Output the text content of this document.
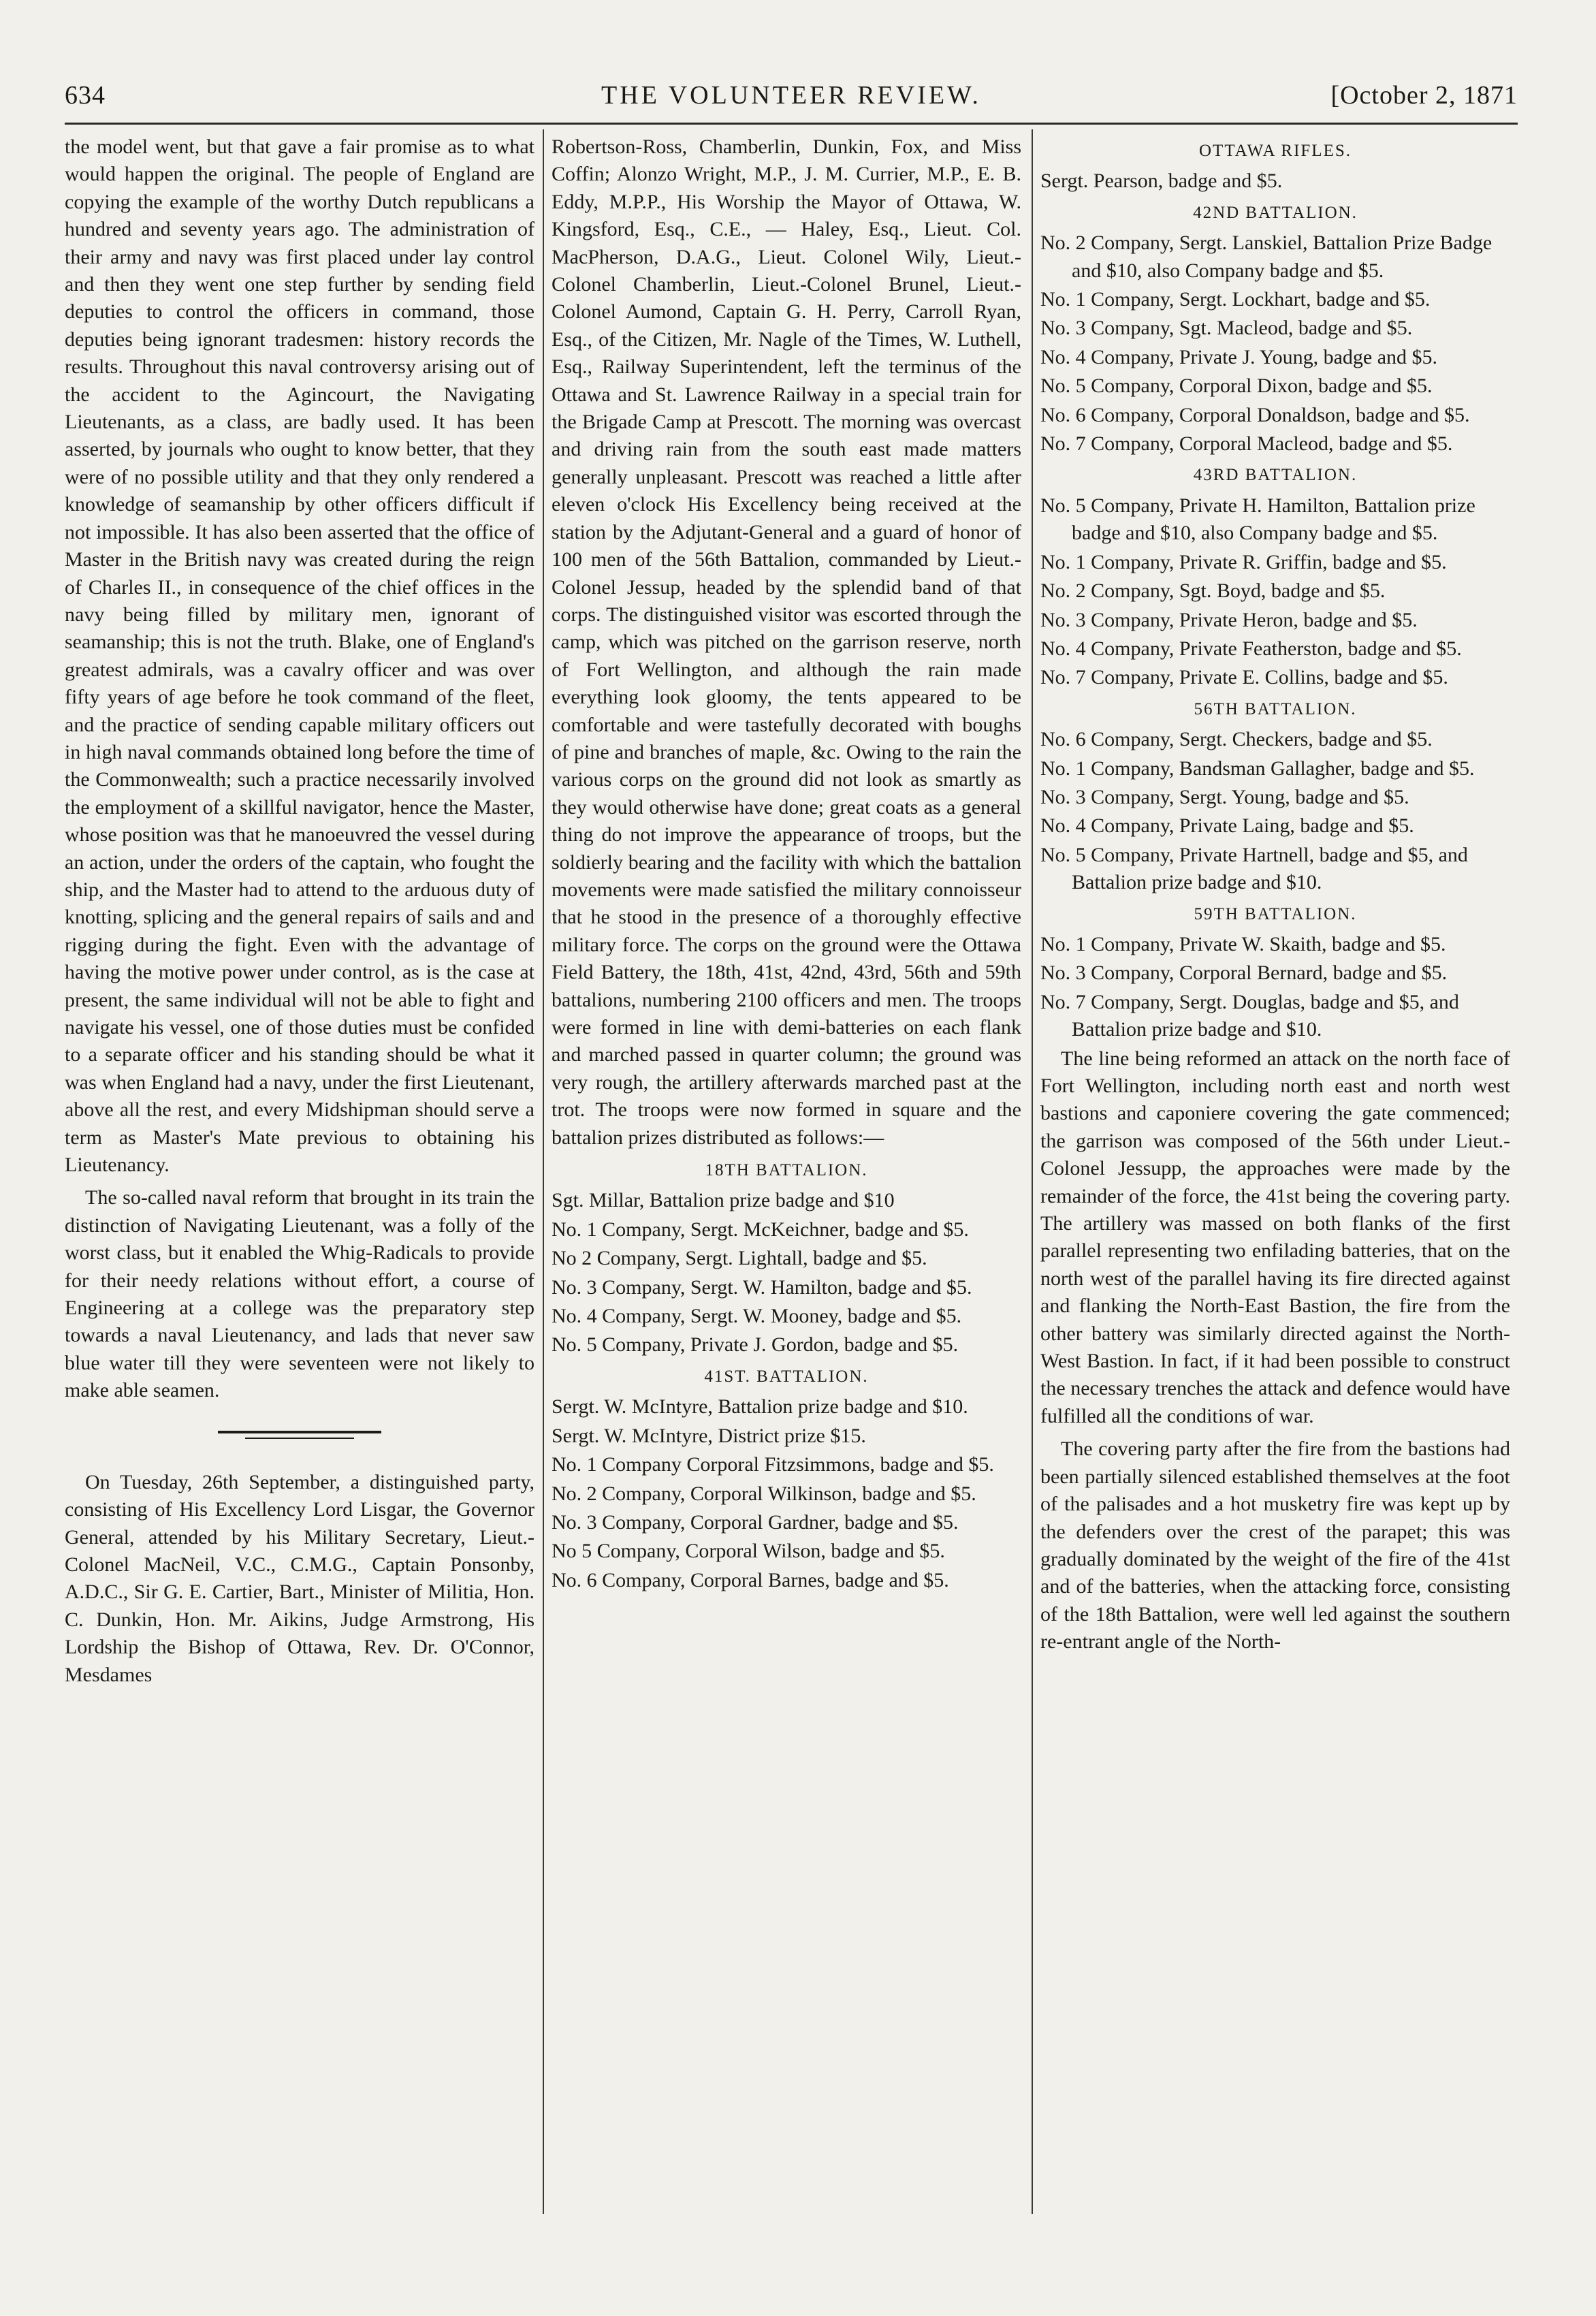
634	THE VOLUNTEER REVIEW.	[October 2, 1871

the model went, but that gave a fair promise as to what would happen the original. The people of England are copying the example of the worthy Dutch republicans a hundred and seventy years ago. The administration of their army and navy was first placed under lay control and then they went one step further by sending field deputies to control the officers in command, those deputies being ignorant tradesmen: history records the results. Throughout this naval controversy arising out of the accident to the Agincourt, the Navigating Lieutenants, as a class, are badly used. It has been asserted, by journals who ought to know better, that they were of no possible utility and that they only rendered a knowledge of seamanship by other officers difficult if not impossible. It has also been asserted that the office of Master in the British navy was created during the reign of Charles II., in consequence of the chief offices in the navy being filled by military men, ignorant of seamanship; this is not the truth. Blake, one of England's greatest admirals, was a cavalry officer and was over fifty years of age before he took command of the fleet, and the practice of sending capable military officers out in high naval commands obtained long before the time of the Commonwealth; such a practice necessarily involved the employment of a skillful navigator, hence the Master, whose position was that he manoeuvred the vessel during an action, under the orders of the captain, who fought the ship, and the Master had to attend to the arduous duty of knotting, splicing and the general repairs of sails and and rigging during the fight. Even with the advantage of having the motive power under control, as is the case at present, the same individual will not be able to fight and navigate his vessel, one of those duties must be confided to a separate officer and his standing should be what it was when England had a navy, under the first Lieutenant, above all the rest, and every Midshipman should serve a term as Master's Mate previous to obtaining his Lieutenancy.

The so-called naval reform that brought in its train the distinction of Navigating Lieutenant, was a folly of the worst class, but it enabled the Whig-Radicals to provide for their needy relations without effort, a course of Engineering at a college was the preparatory step towards a naval Lieutenancy, and lads that never saw blue water till they were seventeen were not likely to make able seamen.

On Tuesday, 26th September, a distinguished party, consisting of His Excellency Lord Lisgar, the Governor General, attended by his Military Secretary, Lieut.-Colonel MacNeil, V.C., C.M.G., Captain Ponsonby, A.D.C., Sir G. E. Cartier, Bart., Minister of Militia, Hon. C. Dunkin, Hon. Mr. Aikins, Judge Armstrong, His Lordship the Bishop of Ottawa, Rev. Dr. O'Connor, Mesdames

Robertson-Ross, Chamberlin, Dunkin, Fox, and Miss Coffin; Alonzo Wright, M.P., J. M. Currier, M.P., E. B. Eddy, M.P.P., His Worship the Mayor of Ottawa, W. Kingsford, Esq., C.E., — Haley, Esq., Lieut. Col. MacPherson, D.A.G., Lieut. Colonel Wily, Lieut.-Colonel Chamberlin, Lieut.-Colonel Brunel, Lieut.-Colonel Aumond, Captain G. H. Perry, Carroll Ryan, Esq., of the Citizen, Mr. Nagle of the Times, W. Luthell, Esq., Railway Superintendent, left the terminus of the Ottawa and St. Lawrence Railway in a special train for the Brigade Camp at Prescott. The morning was overcast and driving rain from the south east made matters generally unpleasant. Prescott was reached a little after eleven o'clock His Excellency being received at the station by the Adjutant-General and a guard of honor of 100 men of the 56th Battalion, commanded by Lieut.-Colonel Jessup, headed by the splendid band of that corps. The distinguished visitor was escorted through the camp, which was pitched on the garrison reserve, north of Fort Wellington, and although the rain made everything look gloomy, the tents appeared to be comfortable and were tastefully decorated with boughs of pine and branches of maple, &c. Owing to the rain the various corps on the ground did not look as smartly as they would otherwise have done; great coats as a general thing do not improve the appearance of troops, but the soldierly bearing and the facility with which the battalion movements were made satisfied the military connoisseur that he stood in the presence of a thoroughly effective military force. The corps on the ground were the Ottawa Field Battery, the 18th, 41st, 42nd, 43rd, 56th and 59th battalions, numbering 2100 officers and men. The troops were formed in line with demi-batteries on each flank and marched passed in quarter column; the ground was very rough, the artillery afterwards marched past at the trot. The troops were now formed in square and the battalion prizes distributed as follows:—

18TH BATTALION.
Sgt. Millar, Battalion prize badge and $10
No. 1 Company, Sergt. McKeichner, badge and $5.
No 2 Company, Sergt. Lightall, badge and $5.
No. 3 Company, Sergt. W. Hamilton, badge and $5.
No. 4 Company, Sergt. W. Mooney, badge and $5.
No. 5 Company, Private J. Gordon, badge and $5.
41ST. BATTALION.
Sergt. W. McIntyre, Battalion prize badge and $10.
Sergt. W. McIntyre, District prize $15.
No. 1 Company Corporal Fitzsimmons, badge and $5.
No. 2 Company, Corporal Wilkinson, badge and $5.
No. 3 Company, Corporal Gardner, badge and $5.
No 5 Company, Corporal Wilson, badge and $5.
No. 6 Company, Corporal Barnes, badge and $5.
OTTAWA RIFLES.
Sergt. Pearson, badge and $5.
42ND BATTALION.
No. 2 Company, Sergt. Lanskiel, Battalion Prize Badge and $10, also Company badge and $5.
No. 1 Company, Sergt. Lockhart, badge and $5.
No. 3 Company, Sgt. Macleod, badge and $5.
No. 4 Company, Private J. Young, badge and $5.
No. 5 Company, Corporal Dixon, badge and $5.
No. 6 Company, Corporal Donaldson, badge and $5.
No. 7 Company, Corporal Macleod, badge and $5.
43RD BATTALION.
No. 5 Company, Private H. Hamilton, Battalion prize badge and $10, also Company badge and $5.
No. 1 Company, Private R. Griffin, badge and $5.
No. 2 Company, Sgt. Boyd, badge and $5.
No. 3 Company, Private Heron, badge and $5.
No. 4 Company, Private Featherston, badge and $5.
No. 7 Company, Private E. Collins, badge and $5.
56TH BATTALION.
No. 6 Company, Sergt. Checkers, badge and $5.
No. 1 Company, Bandsman Gallagher, badge and $5.
No. 3 Company, Sergt. Young, badge and $5.
No. 4 Company, Private Laing, badge and $5.
No. 5 Company, Private Hartnell, badge and $5, and Battalion prize badge and $10.
59TH BATTALION.
No. 1 Company, Private W. Skaith, badge and $5.
No. 3 Company, Corporal Bernard, badge and $5.
No. 7 Company, Sergt. Douglas, badge and $5, and Battalion prize badge and $10.

The line being reformed an attack on the north face of Fort Wellington, including north east and north west bastions and caponiere covering the gate commenced; the garrison was composed of the 56th under Lieut.-Colonel Jessupp, the approaches were made by the remainder of the force, the 41st being the covering party. The artillery was massed on both flanks of the first parallel representing two enfilading batteries, that on the north west of the parallel having its fire directed against and flanking the North-East Bastion, the fire from the other battery was similarly directed against the North-West Bastion. In fact, if it had been possible to construct the necessary trenches the attack and defence would have fulfilled all the conditions of war.

The covering party after the fire from the bastions had been partially silenced established themselves at the foot of the palisades and a hot musketry fire was kept up by the defenders over the crest of the parapet; this was gradually dominated by the weight of the fire of the 41st and of the batteries, when the attacking force, consisting of the 18th Battalion, were well led against the southern re-entrant angle of the North-
